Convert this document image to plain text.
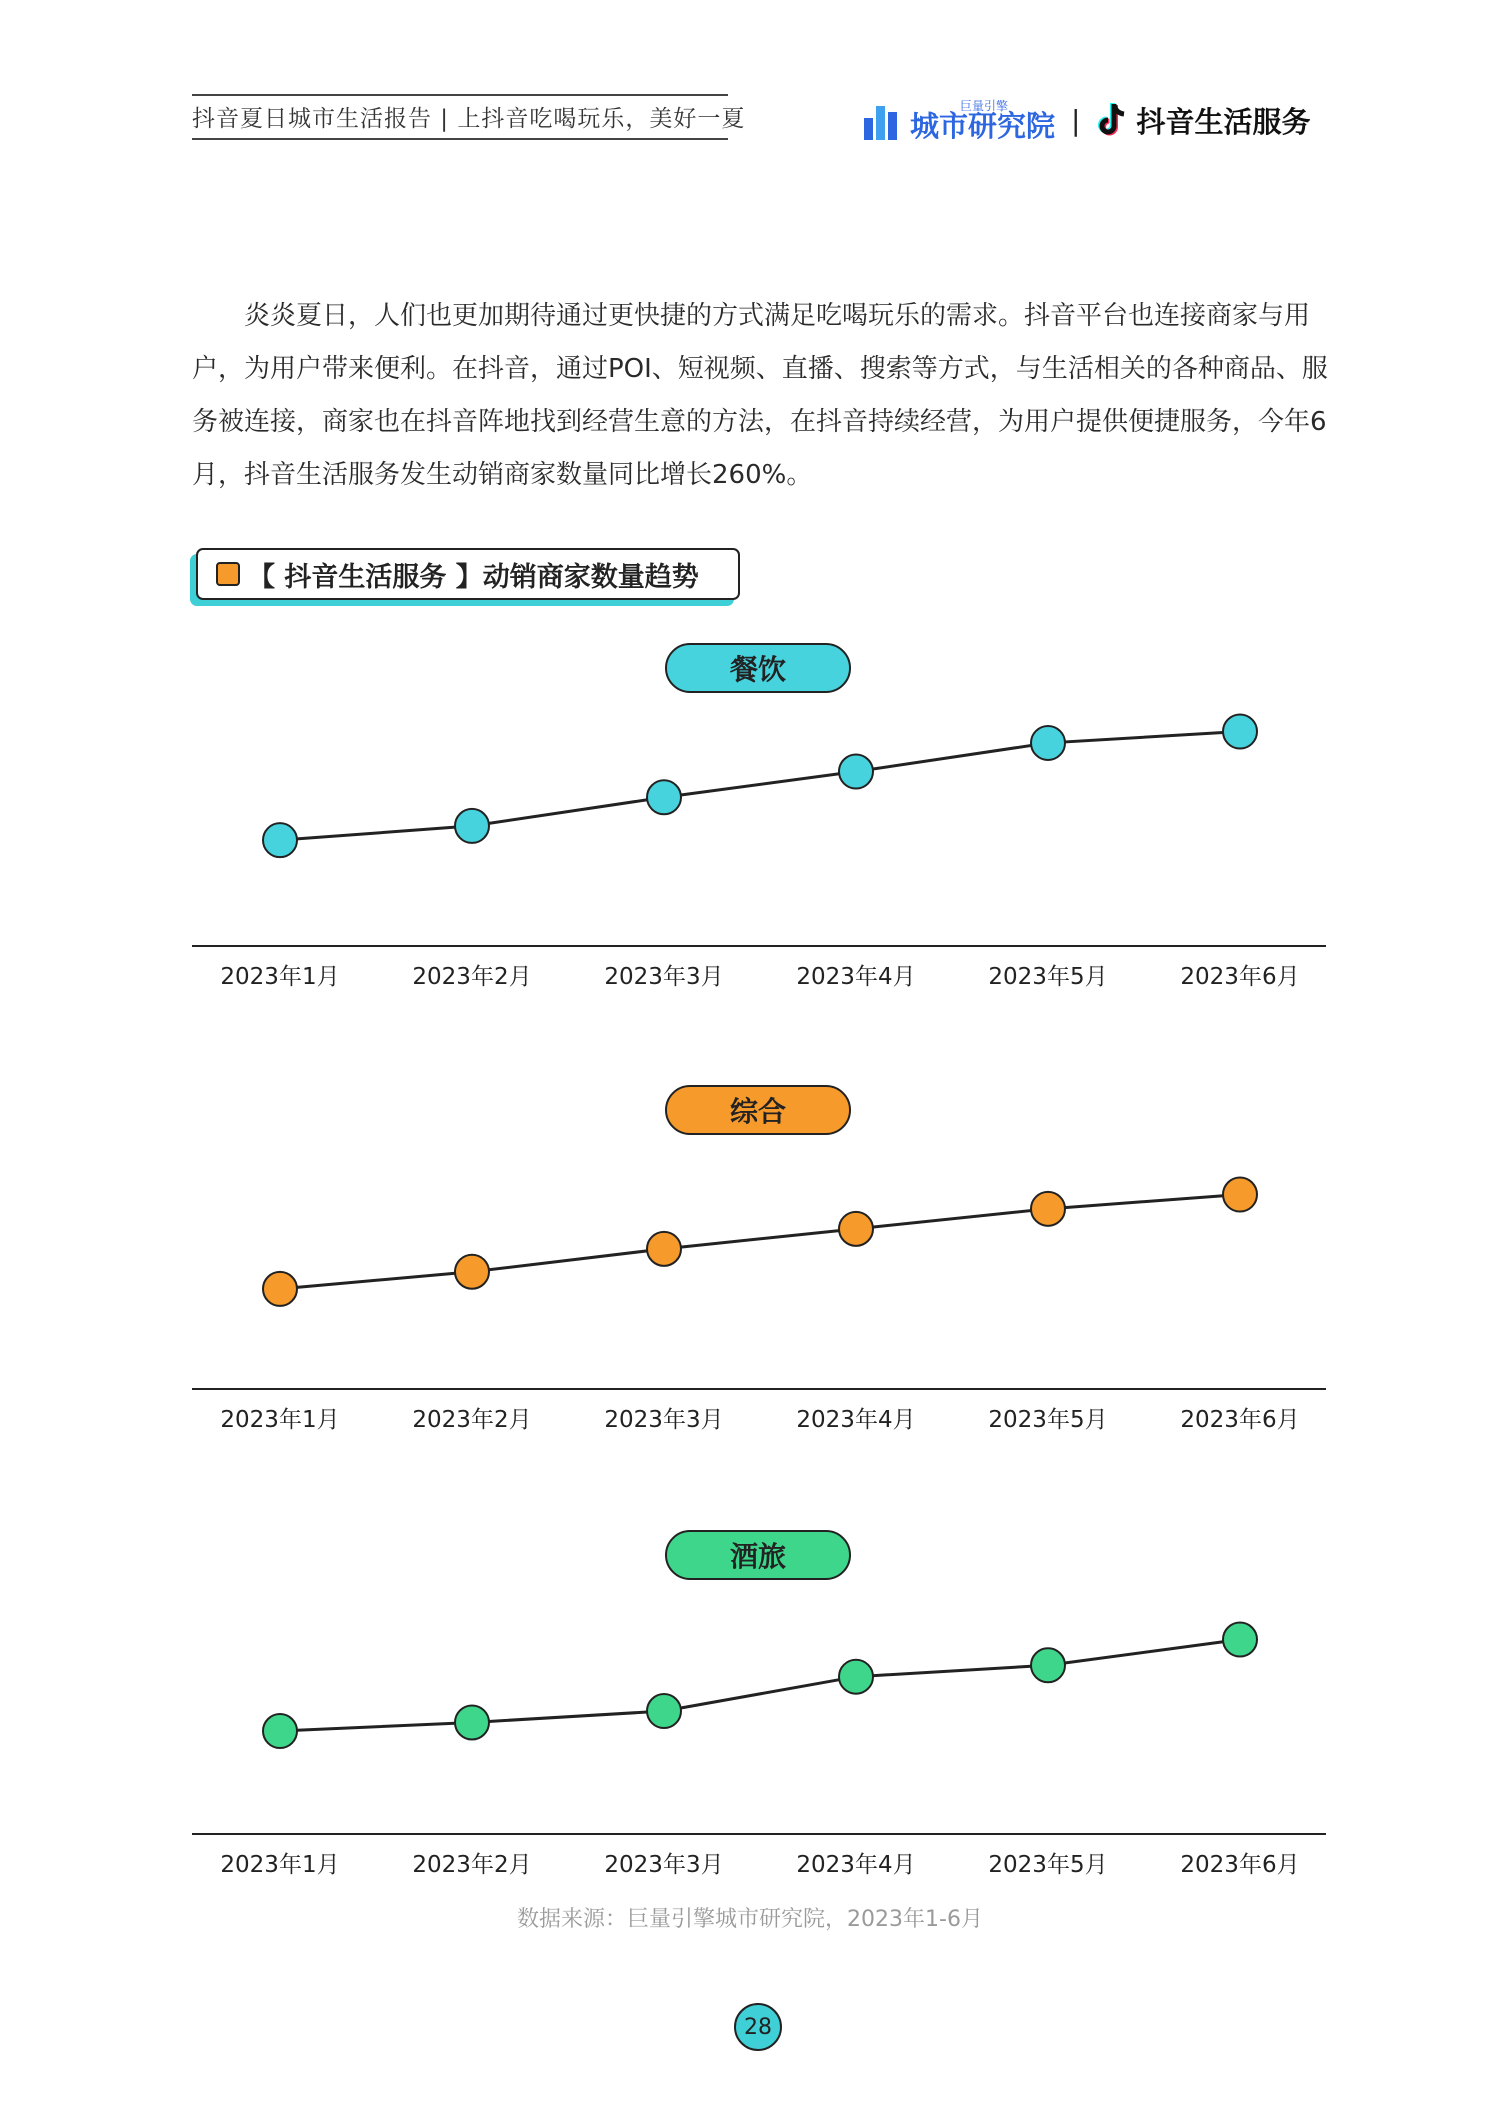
抖音夏日城市生活报告 | 上抖音吃喝玩乐，美好一夏
巨量引擎
城市研究院 | 抖音生活服务
炎炎夏日，人们也更加期待通过更快捷的方式满足吃喝玩乐的需求。抖音平台也连接商家与用户，为用户带来便利。在抖音，通过POI、短视频、直播、搜索等方式，与生活相关的各种商品、服务被连接，商家也在抖音阵地找到经营生意的方法，在抖音持续经营，为用户提供便捷服务，今年6月，抖音生活服务发生动销商家数量同比增长260%。
【 抖音生活服务 】动销商家数量趋势
2023年1月	2023年2月	2023年3月	2023年4月	2023年5月	2023年6月
餐饮
2023年1月	2023年2月	2023年3月	2023年4月	2023年5月	2023年6月
综合
2023年1月	2023年2月	2023年3月	2023年4月	2023年5月	2023年6月
酒旅
数据来源：巨量引擎城市研究院，2023年1-6月
28
